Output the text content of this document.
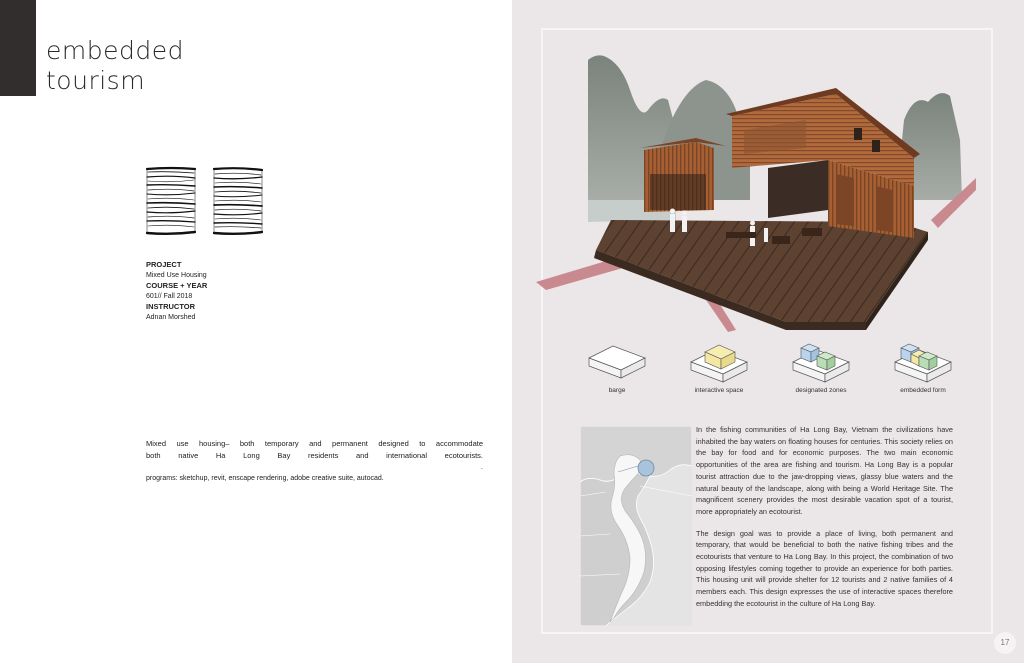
embedded
tourism
PROJECT
Mixed Use Housing
COURSE + YEAR
601// Fall 2018
INSTRUCTOR
Adnan Morshed
Mixed use housing– both temporary and permanent designed to accommodate
both native Ha Long Bay residents and international ecotourists.
.
programs: sketchup, revit, enscape rendering, adobe creative suite, autocad.
barge	interactive space	designated zones	embedded form

In the fishing communities of Ha Long Bay, Vietnam the civilizations have inhabited the bay waters on floating houses for centuries. This society relies on the bay for food and for economic purposes. The two main economic opportunities of the area are fishing and tourism. Ha Long Bay is a popular tourist attraction due to the jaw-dropping views, glassy blue waters and the natural beauty of the landscape, along with being a World Heritage Site. The magnificent scenery provides the most desirable vacation spot of a tourist, more appropriately an ecotourist.

The design goal was to provide a place of living, both permanent and temporary, that would be beneficial to both the native fishing tribes and the ecotourists that venture to Ha Long Bay. In this project, the combination of two opposing lifestyles coming together to provide an experience for both parties. This housing unit will provide shelter for 12 tourists and 2 native families of 4 members each. This design expresses the use of interactive spaces therefore embedding the ecotourist in the culture of Ha Long Bay.

17
